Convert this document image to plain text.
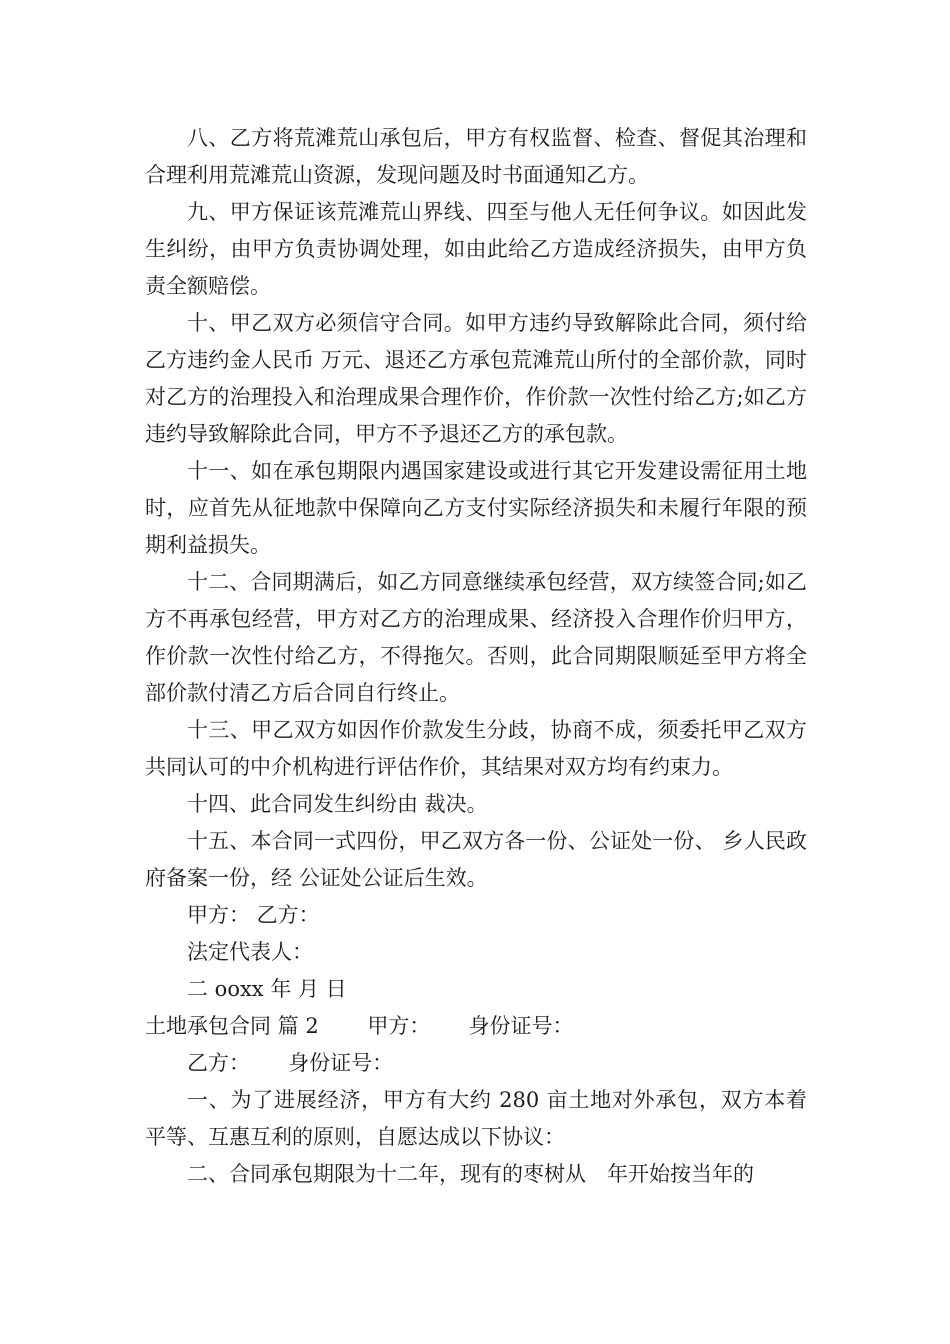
八、乙方将荒滩荒山承包后，甲方有权监督、检查、督促其治理和合理利用荒滩荒山资源，发现问题及时书面通知乙方。

九、甲方保证该荒滩荒山界线、四至与他人无任何争议。如因此发生纠纷，由甲方负责协调处理，如由此给乙方造成经济损失，由甲方负责全额赔偿。

十、甲乙双方必须信守合同。如甲方违约导致解除此合同，须付给乙方违约金人民币 万元、退还乙方承包荒滩荒山所付的全部价款，同时对乙方的治理投入和治理成果合理作价，作价款一次性付给乙方;如乙方违约导致解除此合同，甲方不予退还乙方的承包款。

十一、如在承包期限内遇国家建设或进行其它开发建设需征用土地时，应首先从征地款中保障向乙方支付实际经济损失和未履行年限的预期利益损失。

十二、合同期满后，如乙方同意继续承包经营，双方续签合同;如乙方不再承包经营，甲方对乙方的治理成果、经济投入合理作价归甲方，作价款一次性付给乙方，不得拖欠。否则，此合同期限顺延至甲方将全部价款付清乙方后合同自行终止。

十三、甲乙双方如因作价款发生分歧，协商不成，须委托甲乙双方共同认可的中介机构进行评估作价，其结果对双方均有约束力。

十四、此合同发生纠纷由 裁决。

十五、本合同一式四份，甲乙双方各一份、公证处一份、 乡人民政府备案一份，经 公证处公证后生效。

甲方： 乙方：

法定代表人：

二 ooxx 年 月 日

土地承包合同 篇 2　　 甲方：　　 身份证号：

乙方：　　 身份证号：

一、为了进展经济，甲方有大约 280 亩土地对外承包，双方本着平等、互惠互利的原则，自愿达成以下协议：

二、合同承包期限为十二年，现有的枣树从　年开始按当年的
